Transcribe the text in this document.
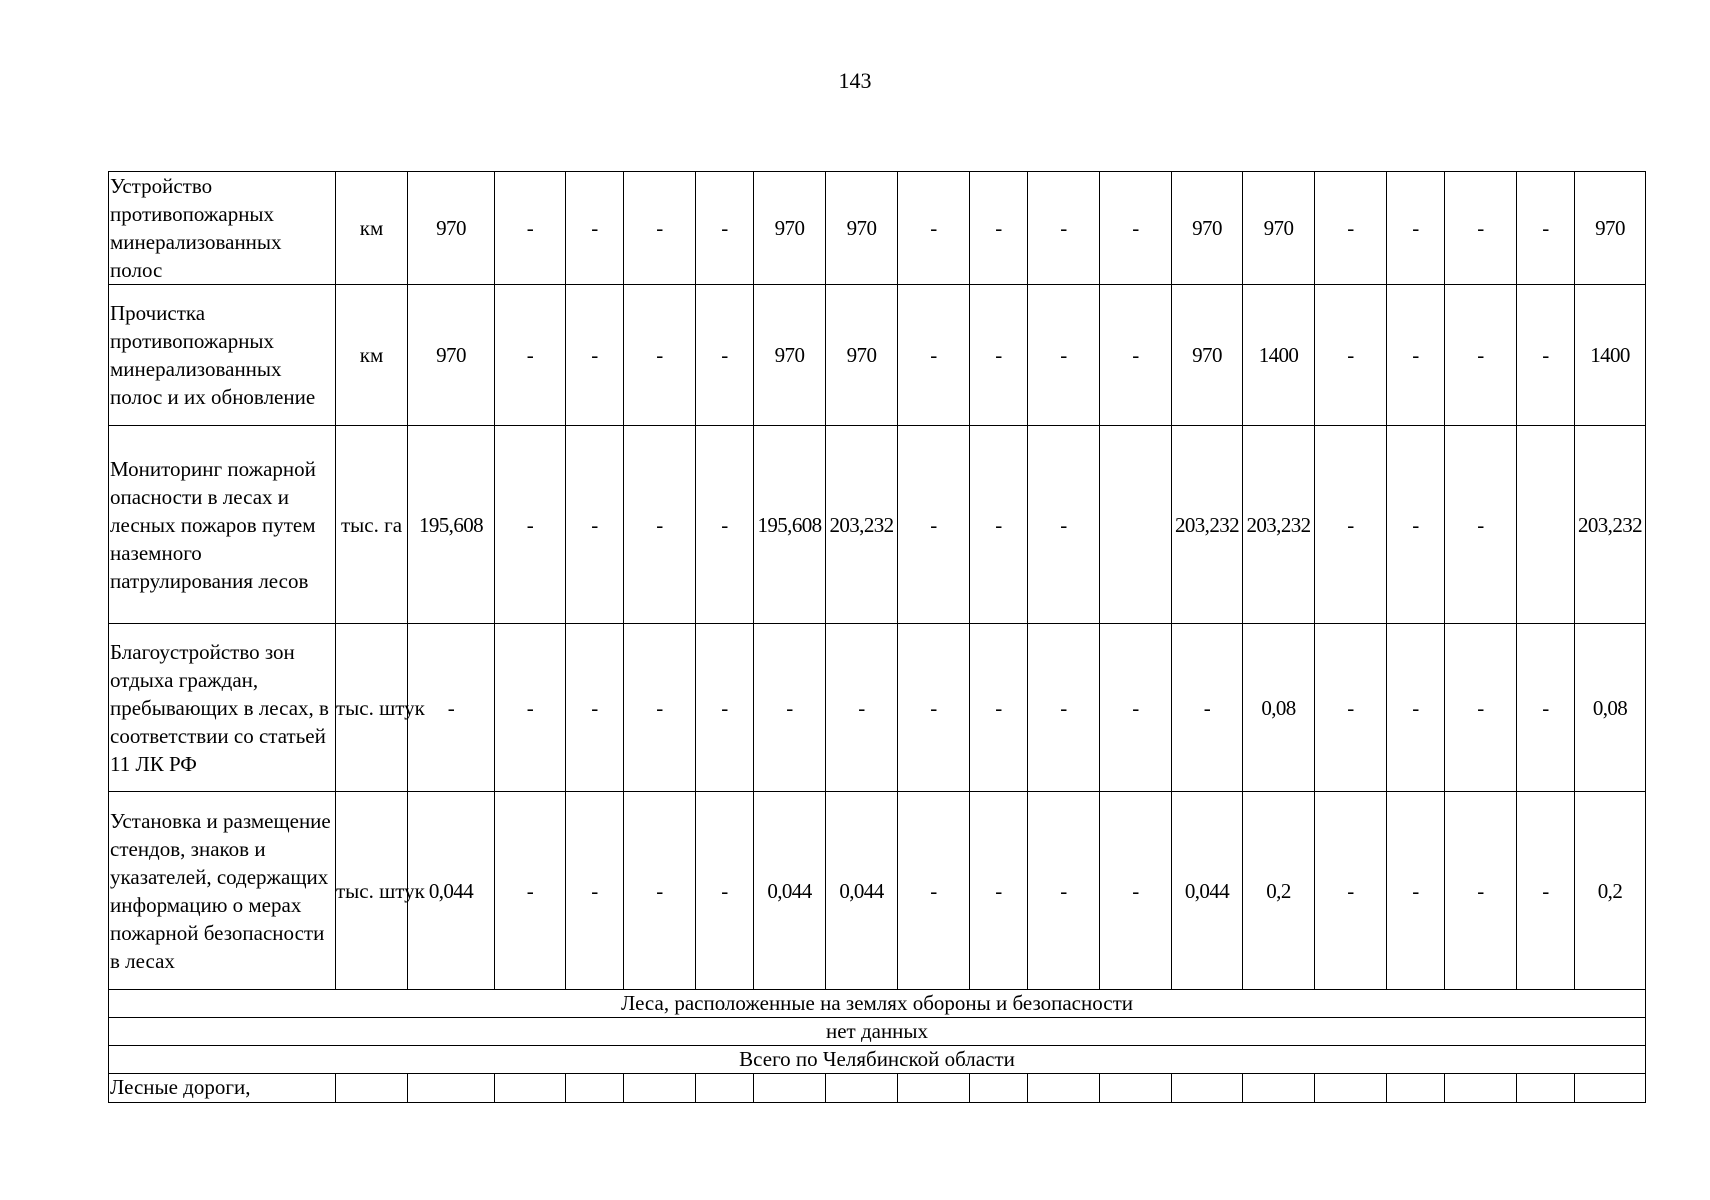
143
Устройство противопожарных минерализованных полос	км	970	-	-	-	-	970	970	-	-	-	-	970	970	-	-	-	-	970
Прочистка противопожарных минерализованных полос и их обновление	км	970	-	-	-	-	970	970	-	-	-	-	970	1400	-	-	-	-	1400
Мониторинг пожарной опасности в лесах и лесных пожаров путем наземного патрулирования лесов	тыс. га	195,608	-	-	-	-	195,608	203,232	-	-	-		203,232	203,232	-	-	-		203,232
Благоустройство зон отдыха граждан, пребывающих в лесах, в соответствии со статьей 11 ЛК РФ	тыс. штук	-	-	-	-	-	-	-	-	-	-	-	-	0,08	-	-	-	-	0,08
Установка и размещение стендов, знаков и указателей, содержащих информацию о мерах пожарной безопасности в лесах	тыс. штук	0,044	-	-	-	-	0,044	0,044	-	-	-	-	0,044	0,2	-	-	-	-	0,2
Леса, расположенные на землях обороны и безопасности																			
нет данных																			
Всего по Челябинской области																			
Лесные дороги,																			
